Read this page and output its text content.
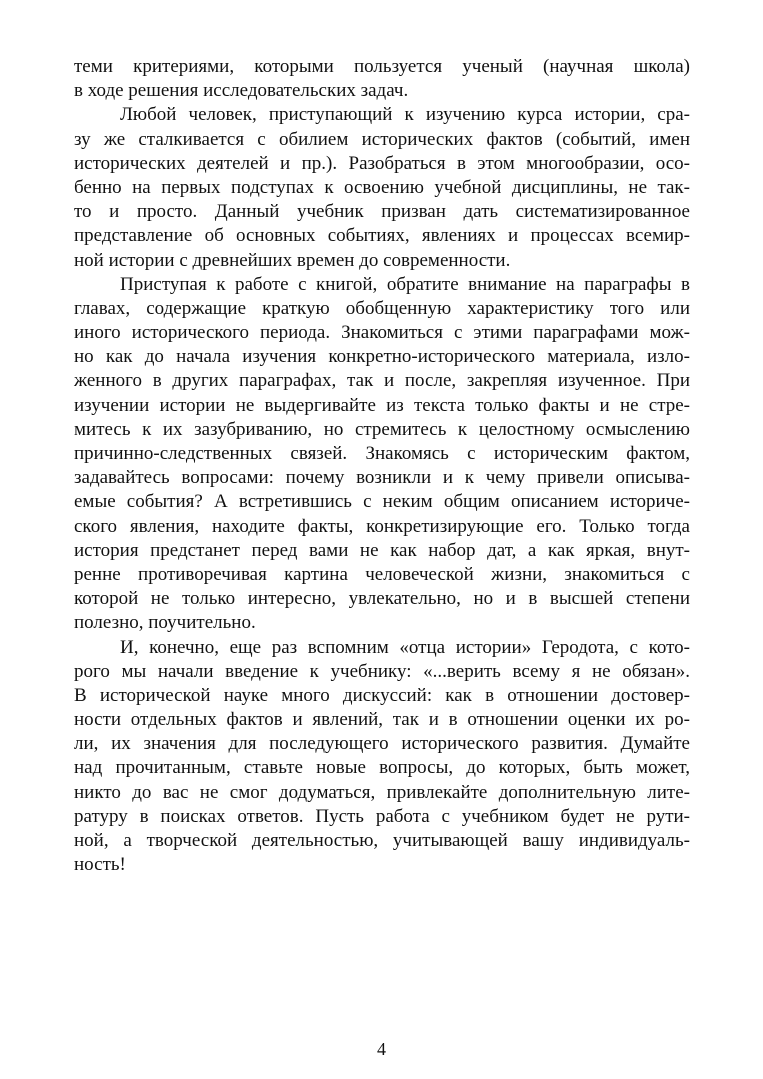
теми критериями, которыми пользуется ученый (научная школа)
в ходе решения исследовательских задач.
Любой человек, приступающий к изучению курса истории, сра-
зу же сталкивается с обилием исторических фактов (событий, имен
исторических деятелей и пр.). Разобраться в этом многообразии, осо-
бенно на первых подступах к освоению учебной дисциплины, не так-
то и просто. Данный учебник призван дать систематизированное
представление об основных событиях, явлениях и процессах всемир-
ной истории с древнейших времен до современности.
Приступая к работе с книгой, обратите внимание на параграфы в
главах, содержащие краткую обобщенную характеристику того или
иного исторического периода. Знакомиться с этими параграфами мож-
но как до начала изучения конкретно-исторического материала, изло-
женного в других параграфах, так и после, закрепляя изученное. При
изучении истории не выдергивайте из текста только факты и не стре-
митесь к их зазубриванию, но стремитесь к целостному осмыслению
причинно-следственных связей. Знакомясь с историческим фактом,
задавайтесь вопросами: почему возникли и к чему привели описыва-
емые события? А встретившись с неким общим описанием историче-
ского явления, находите факты, конкретизирующие его. Только тогда
история предстанет перед вами не как набор дат, а как яркая, внут-
ренне противоречивая картина человеческой жизни, знакомиться с
которой не только интересно, увлекательно, но и в высшей степени
полезно, поучительно.
И, конечно, еще раз вспомним «отца истории» Геродота, с кото-
рого мы начали введение к учебнику: «...верить всему я не обязан».
В исторической науке много дискуссий: как в отношении достовер-
ности отдельных фактов и явлений, так и в отношении оценки их ро-
ли, их значения для последующего исторического развития. Думайте
над прочитанным, ставьте новые вопросы, до которых, быть может,
никто до вас не смог додуматься, привлекайте дополнительную лите-
ратуру в поисках ответов. Пусть работа с учебником будет не рути-
ной, а творческой деятельностью, учитывающей вашу индивидуаль-
ность!
4
